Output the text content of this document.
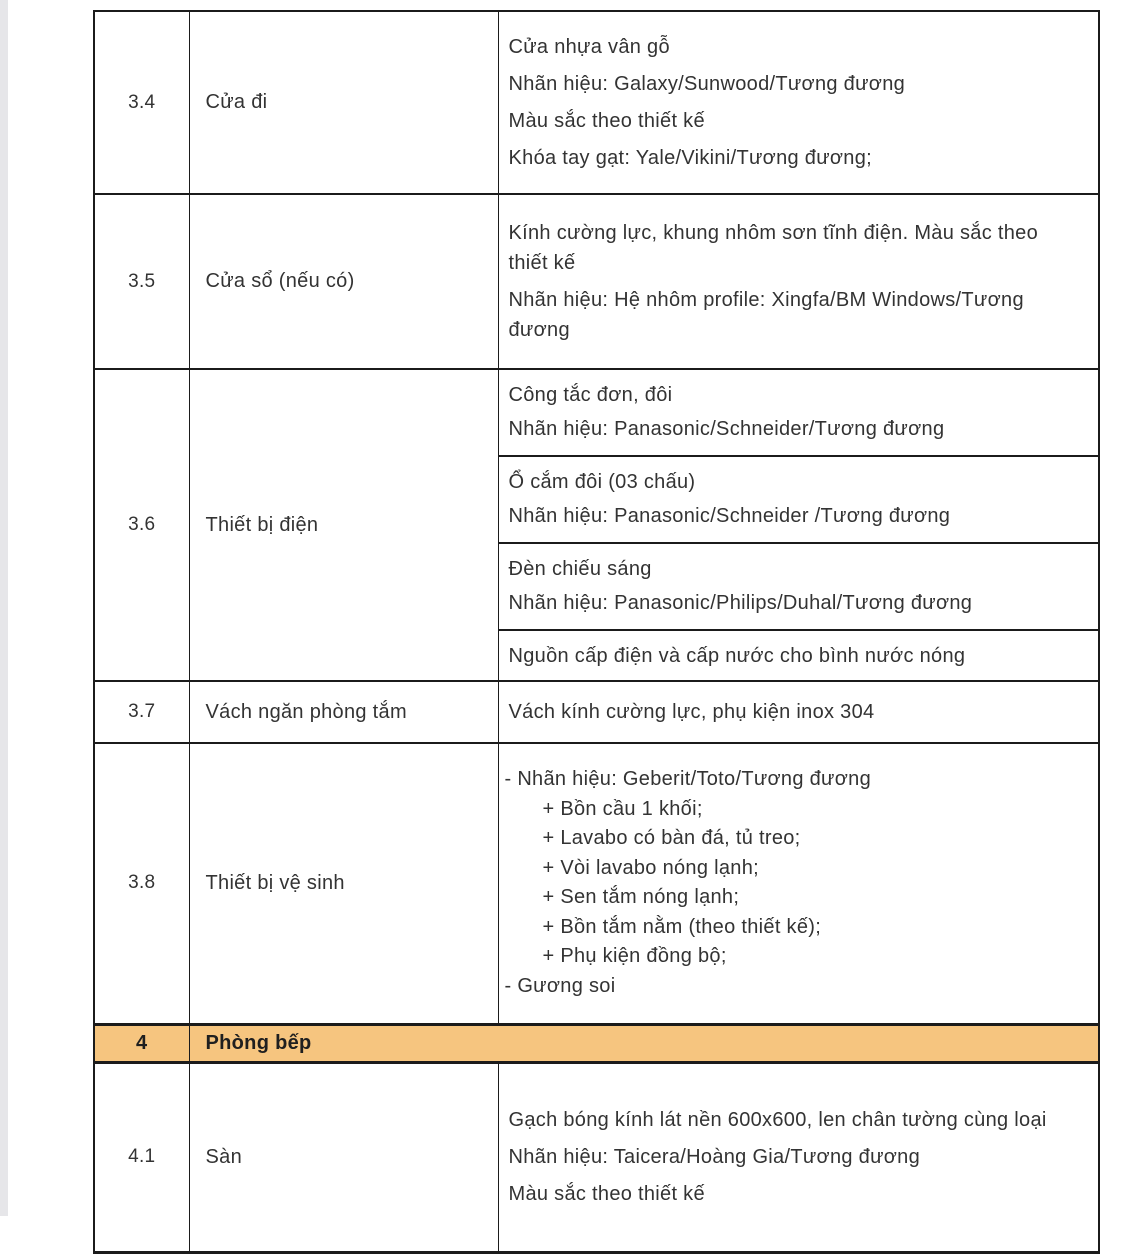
3.4	Cửa đi	Cửa nhựa vân gỗ

Nhãn hiệu: Galaxy/Sunwood/Tương đương

Màu sắc theo thiết kế

Khóa tay gạt: Yale/Vikini/Tương đương;

3.5	Cửa sổ (nếu có)	Kính cường lực, khung nhôm sơn tĩnh điện. Màu sắc theo thiết kế

Nhãn hiệu: Hệ nhôm profile: Xingfa/BM Windows/Tương đương

3.6	Thiết bị điện	Công tắc đơn, đôi

Nhãn hiệu: Panasonic/Schneider/Tương đương

		Ổ cắm đôi (03 chấu)

Nhãn hiệu: Panasonic/Schneider /Tương đương

		Đèn chiếu sáng

Nhãn hiệu: Panasonic/Philips/Duhal/Tương đương

		Nguồn cấp điện và cấp nước cho bình nước nóng

3.7	Vách ngăn phòng tắm	Vách kính cường lực, phụ kiện inox 304

3.8	Thiết bị vệ sinh	

- Nhãn hiệu: Geberit/Toto/Tương đương

+ Bồn cầu 1 khối;

+ Lavabo có bàn đá, tủ treo;

+ Vòi lavabo nóng lạnh;

+ Sen tắm nóng lạnh;

+ Bồn tắm nằm (theo thiết kế);

+ Phụ kiện đồng bộ;

- Gương soi

4	Phòng bếp	
4.1	Sàn	Gạch bóng kính lát nền 600x600, len chân tường cùng loại

Nhãn hiệu: Taicera/Hoàng Gia/Tương đương

Màu sắc theo thiết kế
